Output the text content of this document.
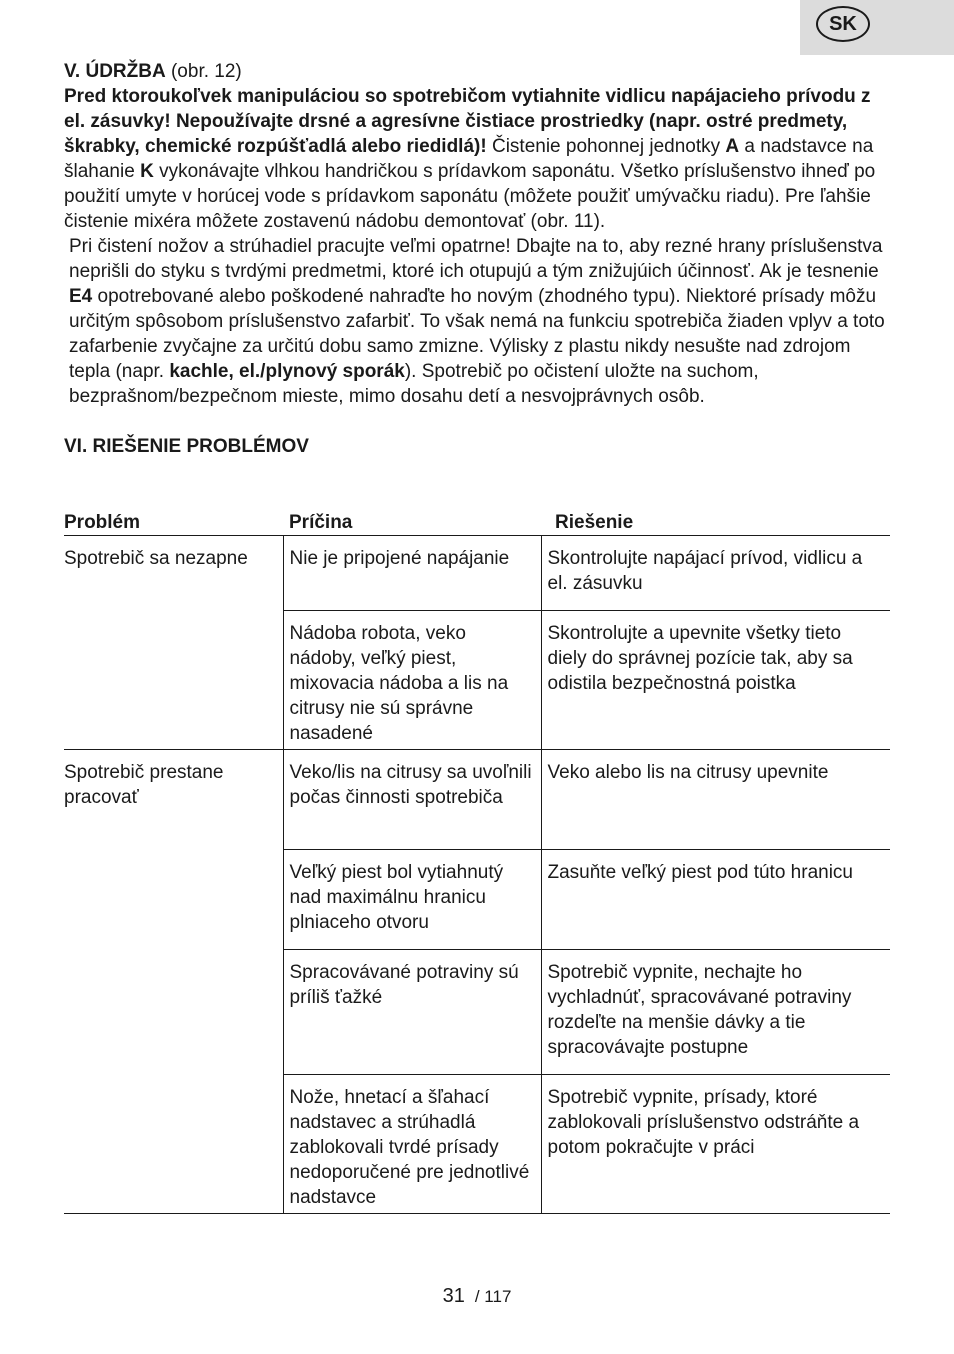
SK

V. ÚDRŽBA (obr. 12)

Pred ktoroukoľvek manipuláciou so spotrebičom vytiahnite vidlicu napájacieho prívodu z el. zásuvky! Nepoužívajte drsné a agresívne čistiace prostriedky (napr. ostré predmety, škrabky, chemické rozpúšťadlá alebo riedidlá)! Čistenie pohonnej jednotky A a nadstavce na šlahanie K vykonávajte vlhkou handričkou s prídavkom saponátu. Všetko príslušenstvo ihneď po použití umyte v horúcej vode s prídavkom saponátu (môžete použiť umývačku riadu). Pre ľahšie čistenie mixéra môžete zostavenú nádobu demontovať (obr. 11).

Pri čistení nožov a strúhadiel pracujte veľmi opatrne! Dbajte na to, aby rezné hrany príslušenstva neprišli do styku s tvrdými predmetmi, ktoré ich otupujú a tým znižujúich účinnosť. Ak je tesnenie E4 opotrebované alebo poškodené nahraďte ho novým (zhodného typu). Niektoré prísady môžu určitým spôsobom príslušenstvo zafarbiť. To však nemá na funkciu spotrebiča žiaden vplyv a toto zafarbenie zvyčajne za určitú dobu samo zmizne. Výlisky z plastu nikdy nesušte nad zdrojom tepla (napr. kachle, el./plynový sporák). Spotrebič po očistení uložte na suchom, bezprašnom/bezpečnom mieste, mimo dosahu detí a nesvojprávnych osôb.

VI. RIEŠENIE PROBLÉMOV
Problém	Príčina	Riešenie
Spotrebič sa nezapne	Nie je pripojené napájanie	Skontrolujte napájací prívod, vidlicu a el. zásuvku
	Nádoba robota, veko nádoby, veľký piest, mixovacia nádoba a lis na citrusy nie sú správne nasadené	Skontrolujte a upevnite všetky tieto diely do správnej pozície tak, aby sa odistila bezpečnostná poistka
Spotrebič prestane pracovať	Veko/lis na citrusy sa uvoľnili počas činnosti spotrebiča	Veko alebo lis na citrusy upevnite
	Veľký piest bol vytiahnutý nad maximálnu hranicu plniaceho otvoru	Zasuňte veľký piest pod túto hranicu
	Spracovávané potraviny sú príliš ťažké	Spotrebič vypnite, nechajte ho vychladnúť, spracovávané potraviny rozdeľte na menšie dávky a tie spracovávajte postupne
	Nože, hnetací a šľahací nadstavec a strúhadlá zablokovali tvrdé prísady nedoporučené pre jednotlivé nadstavce	Spotrebič vypnite, prísady, ktoré zablokovali príslušenstvo odstráňte a potom pokračujte v práci
31 / 117
